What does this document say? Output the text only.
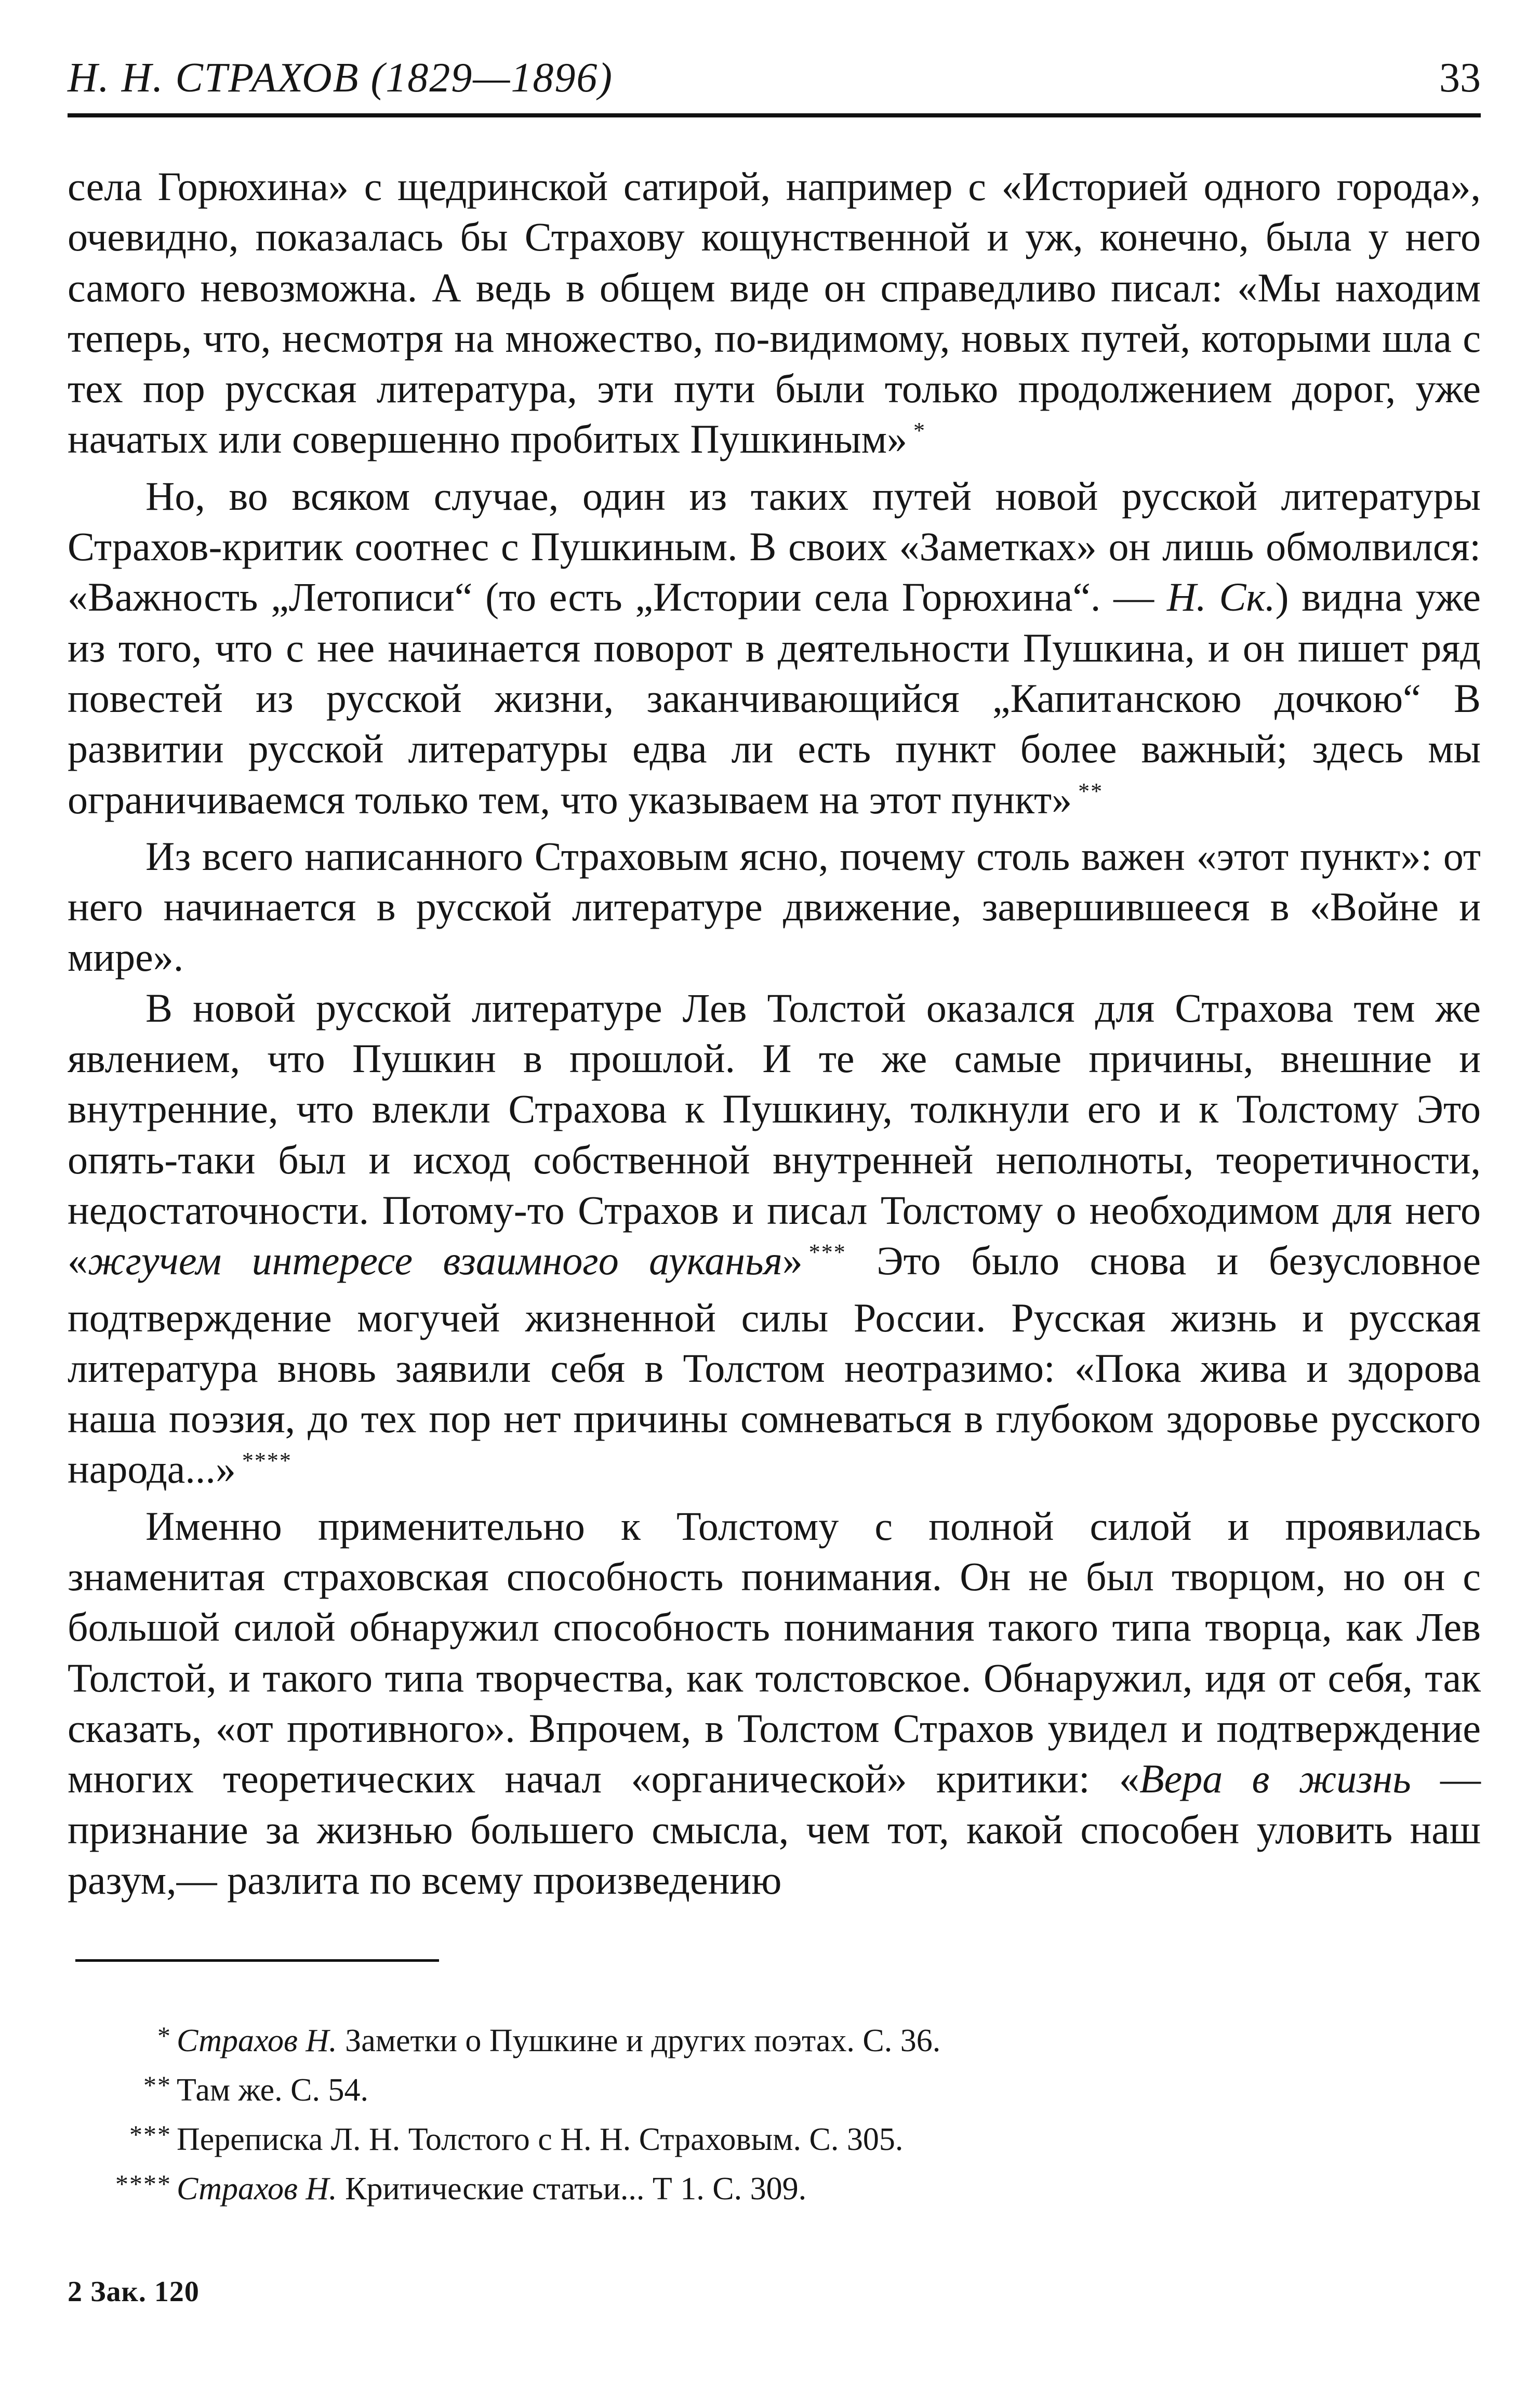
Н. Н. СТРАХОВ (1829—1896)	33

села Горюхина» с щедринской сатирой, например с «Историей одного города», очевидно, показалась бы Страхову кощунственной и уж, конечно, была у него самого невозможна. А ведь в общем виде он справедливо писал: «Мы находим теперь, что, несмотря на множество, по-видимому, новых путей, которыми шла с тех пор русская литература, эти пути были только продолжением дорог, уже начатых или совершенно пробитых Пушкиным» *

Но, во всяком случае, один из таких путей новой русской литературы Страхов-критик соотнес с Пушкиным. В своих «Заметках» он лишь обмолвился: «Важность „Летописи“ (то есть „Истории села Горюхина“. — Н. Ск.) видна уже из того, что с нее начинается поворот в деятельности Пушкина, и он пишет ряд повестей из русской жизни, заканчивающийся „Капитанскою дочкою“ В развитии русской литературы едва ли есть пункт более важный; здесь мы ограничиваемся только тем, что указываем на этот пункт» **

Из всего написанного Страховым ясно, почему столь важен «этот пункт»: от него начинается в русской литературе движение, завершившееся в «Войне и мире».

В новой русской литературе Лев Толстой оказался для Страхова тем же явлением, что Пушкин в прошлой. И те же самые причины, внешние и внутренние, что влекли Страхова к Пушкину, толкнули его и к Толстому Это опять-таки был и исход собственной внутренней неполноты, теоретичности, недостаточности. Потому-то Страхов и писал Толстому о необходимом для него «жгучем интересе взаимного ауканья» *** Это было снова и безусловное подтверждение могучей жизненной силы России. Русская жизнь и русская литература вновь заявили себя в Толстом неотразимо: «Пока жива и здорова наша поэзия, до тех пор нет причины сомневаться в глубоком здоровье русского народа...» ****

Именно применительно к Толстому с полной силой и проявилась знаменитая страховская способность понимания. Он не был творцом, но он с большой силой обнаружил способность понимания такого типа творца, как Лев Толстой, и такого типа творчества, как толстовское. Обнаружил, идя от себя, так сказать, «от противного». Впрочем, в Толстом Страхов увидел и подтверждение многих теоретических начал «органической» критики: «Вера в жизнь — признание за жизнью большего смысла, чем тот, какой способен уловить наш разум,— разлита по всему произведению

* Страхов Н. Заметки о Пушкине и других поэтах. С. 36.
** Там же. С. 54.
*** Переписка Л. Н. Толстого с Н. Н. Страховым. С. 305.
**** Страхов Н. Критические статьи... Т 1. С. 309.
2 Зак. 120
